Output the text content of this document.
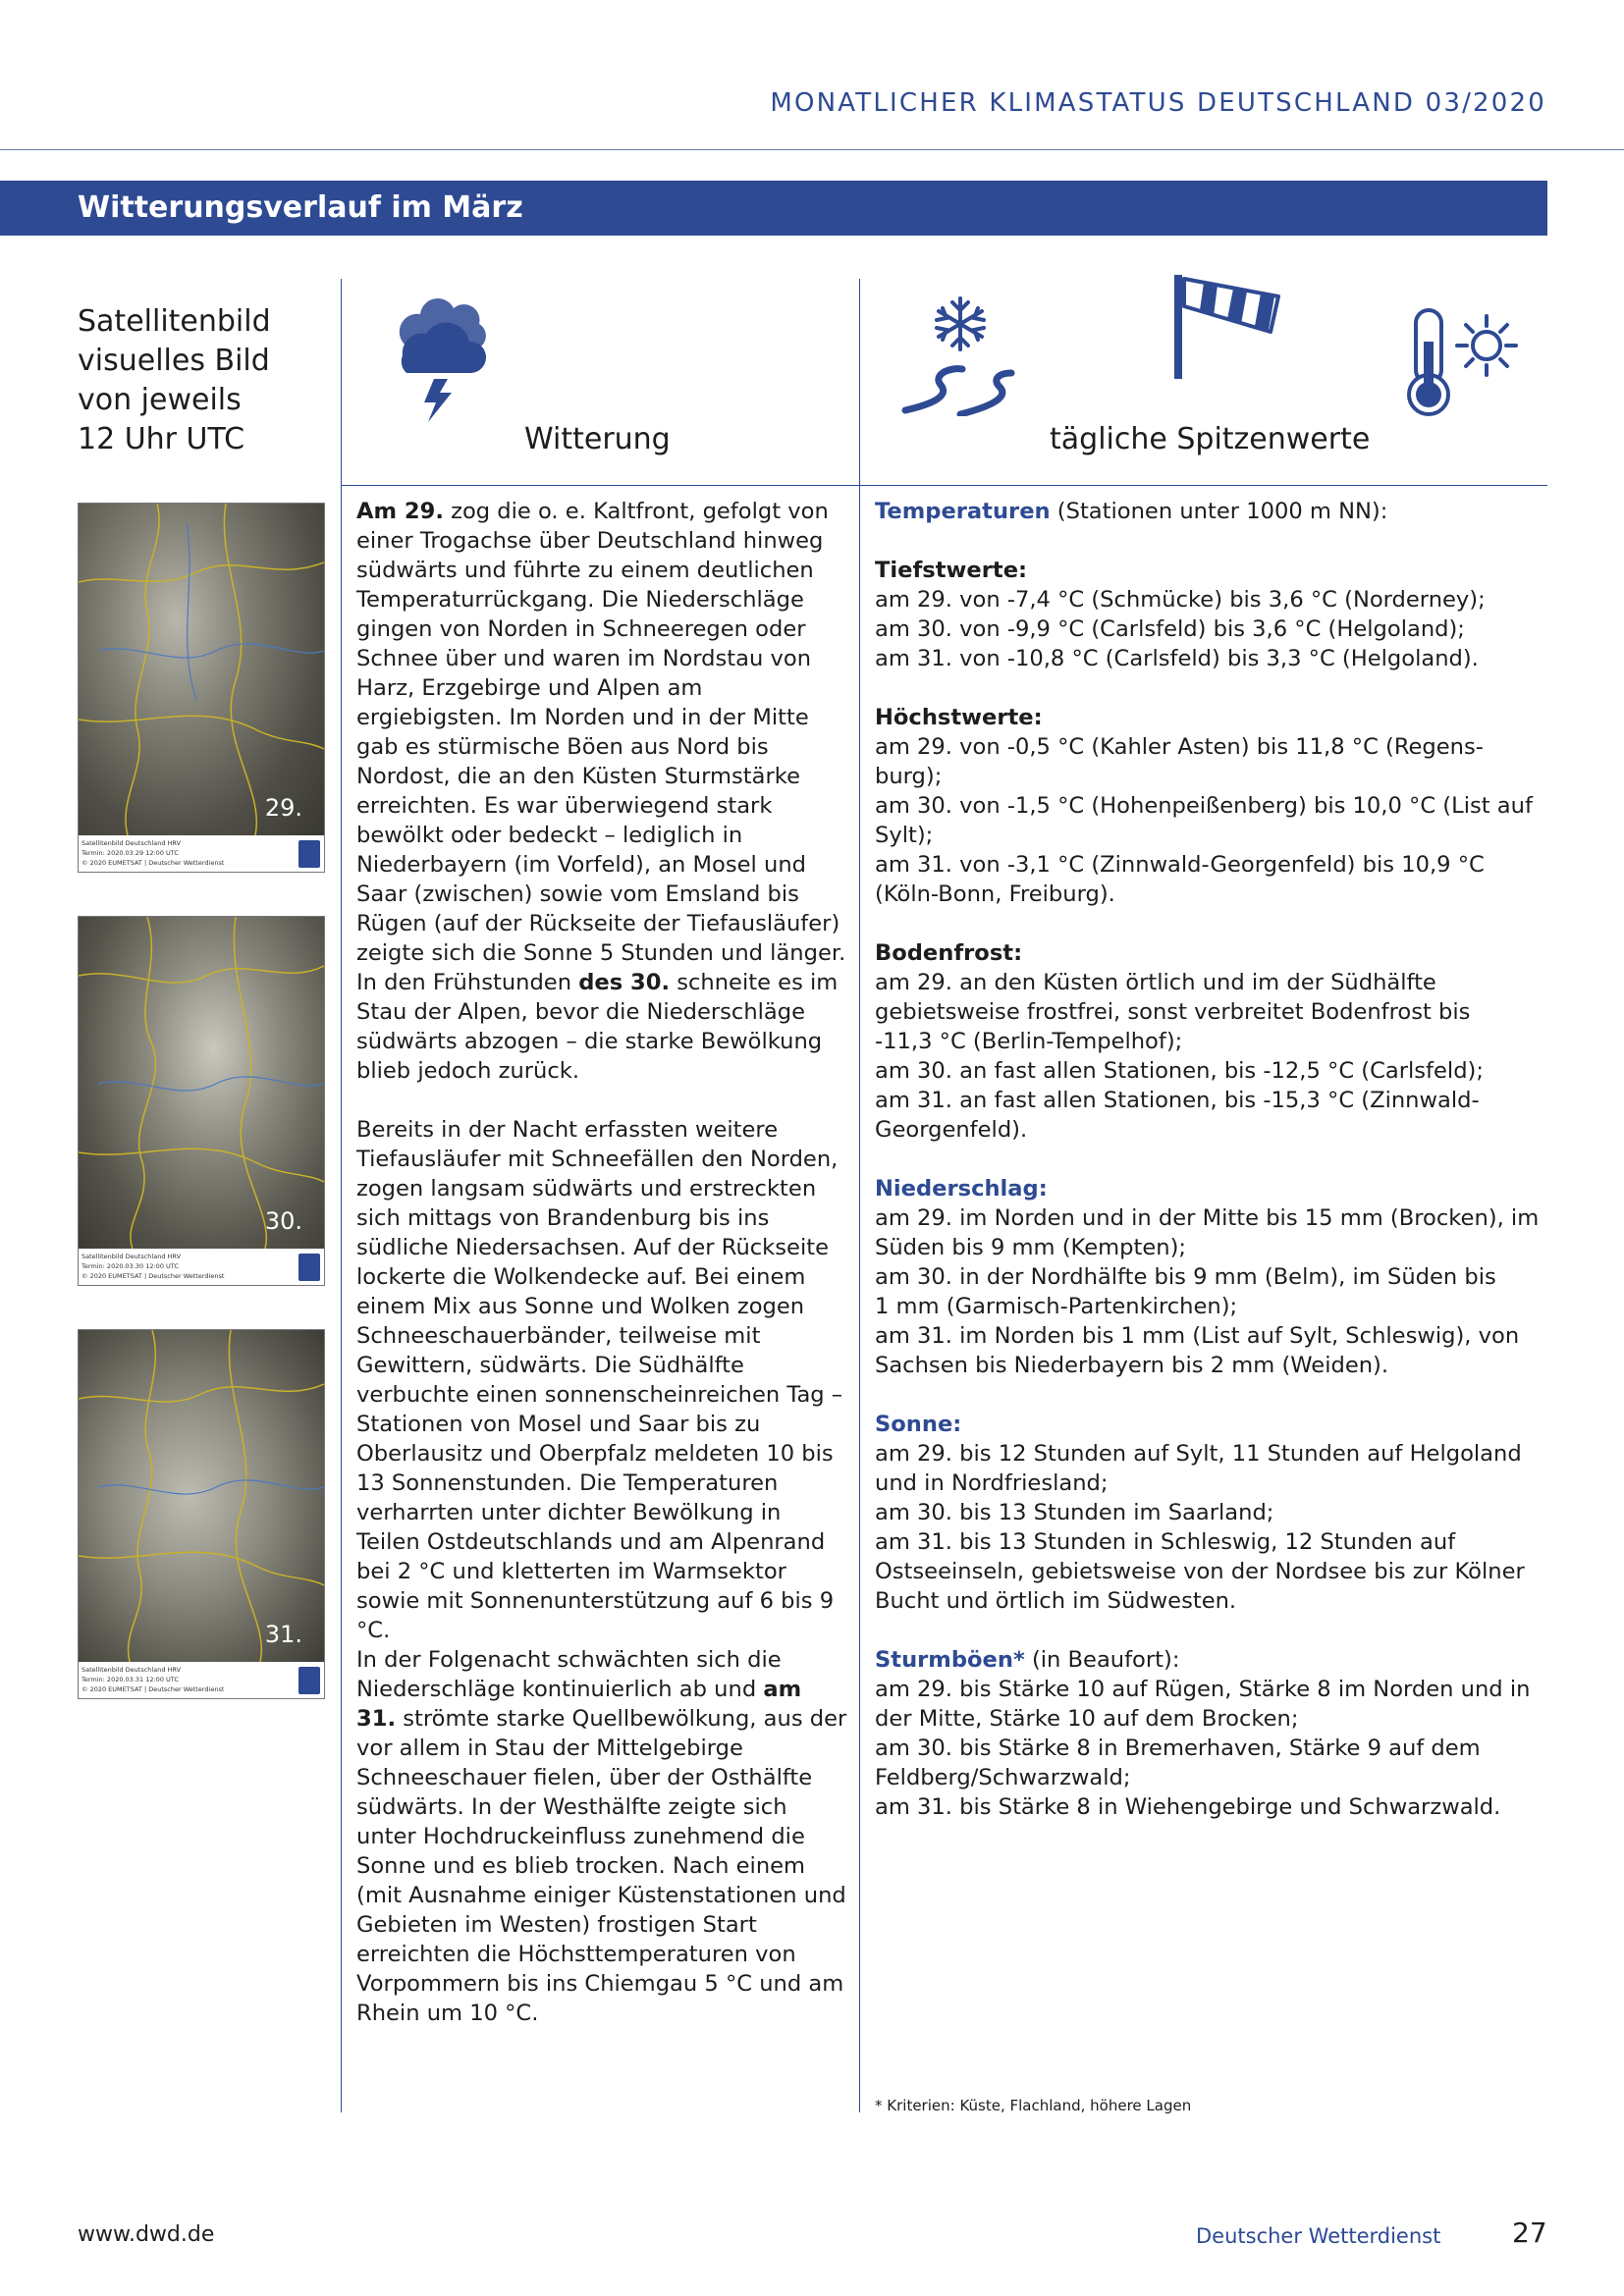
MONATLICHER KLIMASTATUS DEUTSCHLAND 03/2020
Witterungsverlauf im März
Satellitenbild
visuelles Bild
von jeweils
12 Uhr UTC	Witterung	tägliche Spitzenwerte
29.
Satellitenbild Deutschland HRV
Termin: 2020.03.29 12:00 UTC
© 2020 EUMETSAT | Deutscher Wetterdienst
30.
Satellitenbild Deutschland HRV
Termin: 2020.03.30 12:00 UTC
© 2020 EUMETSAT | Deutscher Wetterdienst
31.
Satellitenbild Deutschland HRV
Termin: 2020.03.31 12:00 UTC
© 2020 EUMETSAT | Deutscher Wetterdienst

Am 29. zog die o. e. Kaltfront, gefolgt von einer Trogachse über Deutschland hinweg südwärts und führte zu einem deutlichen Temperaturrückgang. Die Niederschläge gingen von Norden in Schneeregen oder Schnee über und waren im Nordstau von Harz, Erzgebirge und Alpen am ergiebigsten. Im Norden und in der Mitte gab es stürmische Böen aus Nord bis Nordost, die an den Küsten Sturmstärke erreichten. Es war überwiegend stark bewölkt oder bedeckt – lediglich in Niederbayern (im Vorfeld), an Mosel und Saar (zwischen) sowie vom Emsland bis Rügen (auf der Rückseite der Tiefausläufer) zeigte sich die Sonne 5 Stunden und länger.

In den Frühstunden des 30. schneite es im Stau der Alpen, bevor die Niederschläge südwärts abzogen – die starke Bewölkung blieb jedoch zurück.

Bereits in der Nacht erfassten weitere Tiefausläufer mit Schneefällen den Norden, zogen langsam südwärts und erstreckten sich mittags von Brandenburg bis ins südliche Niedersachsen. Auf der Rückseite lockerte die Wolkendecke auf. Bei einem einem Mix aus Sonne und Wolken zogen Schneeschauerbänder, teilweise mit Gewittern, südwärts. Die Südhälfte verbuchte einen sonnenscheinreichen Tag – Stationen von Mosel und Saar bis zu Oberlausitz und Oberpfalz meldeten 10 bis 13 Sonnenstunden. Die Temperaturen verharrten unter dichter Bewölkung in Teilen Ostdeutschlands und am Alpenrand bei 2 °C und kletterten im Warmsektor sowie mit Sonnenunterstützung auf 6 bis 9 °C.

In der Folgenacht schwächten sich die Niederschläge kontinuierlich ab und am 31. strömte starke Quellbewölkung, aus der vor allem in Stau der Mittelgebirge Schneeschauer fielen, über der Osthälfte südwärts. In der Westhälfte zeigte sich unter Hochdruckeinfluss zunehmend die Sonne und es blieb trocken. Nach einem (mit Ausnahme einiger Küstenstationen und Gebieten im Westen) frostigen Start erreichten die Höchsttemperaturen von Vorpommern bis ins Chiemgau 5 °C und am Rhein um 10 °C.

Temperaturen (Stationen unter 1000 m NN):
Tiefstwerte:
am 29. von -7,4 °C (Schmücke) bis 3,6 °C (Norderney);
am 30. von -9,9 °C (Carlsfeld) bis 3,6 °C (Helgoland);
am 31. von -10,8 °C (Carlsfeld) bis 3,3 °C (Helgoland).
Höchstwerte:
am 29. von -0,5 °C (Kahler Asten) bis 11,8 °C (Regens-
burg);
am 30. von -1,5 °C (Hohenpeißenberg) bis 10,0 °C (List auf
Sylt);
am 31. von -3,1 °C (Zinnwald-Georgenfeld) bis 10,9 °C
(Köln-Bonn, Freiburg).
Bodenfrost:
am 29. an den Küsten örtlich und im der Südhälfte
gebietsweise frostfrei, sonst verbreitet Bodenfrost bis
-11,3 °C (Berlin-Tempelhof);
am 30. an fast allen Stationen, bis -12,5 °C (Carlsfeld);
am 31. an fast allen Stationen, bis -15,3 °C (Zinnwald-
Georgenfeld).
Niederschlag:
am 29. im Norden und in der Mitte bis 15 mm (Brocken), im
Süden bis 9 mm (Kempten);
am 30. in der Nordhälfte bis 9 mm (Belm), im Süden bis
1 mm (Garmisch-Partenkirchen);
am 31. im Norden bis 1 mm (List auf Sylt, Schleswig), von
Sachsen bis Niederbayern bis 2 mm (Weiden).
Sonne:
am 29. bis 12 Stunden auf Sylt, 11 Stunden auf Helgoland
und in Nordfriesland;
am 30. bis 13 Stunden im Saarland;
am 31. bis 13 Stunden in Schleswig, 12 Stunden auf
Ostseeinseln, gebietsweise von der Nordsee bis zur Kölner
Bucht und örtlich im Südwesten.
Sturmböen* (in Beaufort):
am 29. bis Stärke 10 auf Rügen, Stärke 8 im Norden und in
der Mitte, Stärke 10 auf dem Brocken;
am 30. bis Stärke 8 in Bremerhaven, Stärke 9 auf dem
Feldberg/Schwarzwald;
am 31. bis Stärke 8 in Wiehengebirge und Schwarzwald.
* Kriterien: Küste, Flachland, höhere Lagen
www.dwd.de	Deutscher Wetterdienst	27
